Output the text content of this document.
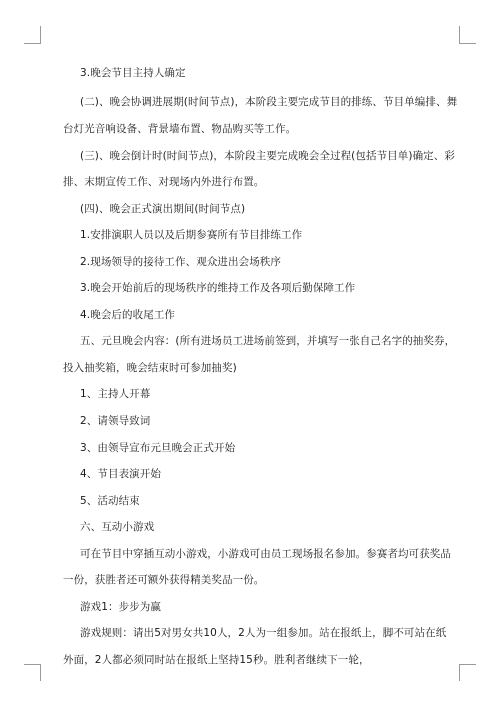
3.晚会节目主持人确定
(二)、晚会协调进展期(时间节点)，本阶段主要完成节目的排练、节目单编排、舞
台灯光音响设备、背景墙布置、物品购买等工作。
(三)、晚会倒计时(时间节点)，本阶段主要完成晚会全过程(包括节目单)确定、彩
排、末期宣传工作、对现场内外进行布置。
(四)、晚会正式演出期间(时间节点)
1.安排演职人员以及后期参赛所有节目排练工作
2.现场领导的接待工作、观众进出会场秩序
3.晚会开始前后的现场秩序的维持工作及各项后勤保障工作
4.晚会后的收尾工作
五、元旦晚会内容：(所有进场员工进场前签到，并填写一张自己名字的抽奖券，
投入抽奖箱，晚会结束时可参加抽奖)
1、主持人开幕
2、请领导致词
3、由领导宣布元旦晚会正式开始
4、节目表演开始
5、活动结束
六、互动小游戏
可在节目中穿插互动小游戏，小游戏可由员工现场报名参加。参赛者均可获奖品
一份，获胜者还可额外获得精美奖品一份。
游戏1：步步为赢
游戏规则：请出5对男女共10人，2人为一组参加。站在报纸上，脚不可站在纸
外面，2人都必须同时站在报纸上坚持15秒。胜利者继续下一轮，
